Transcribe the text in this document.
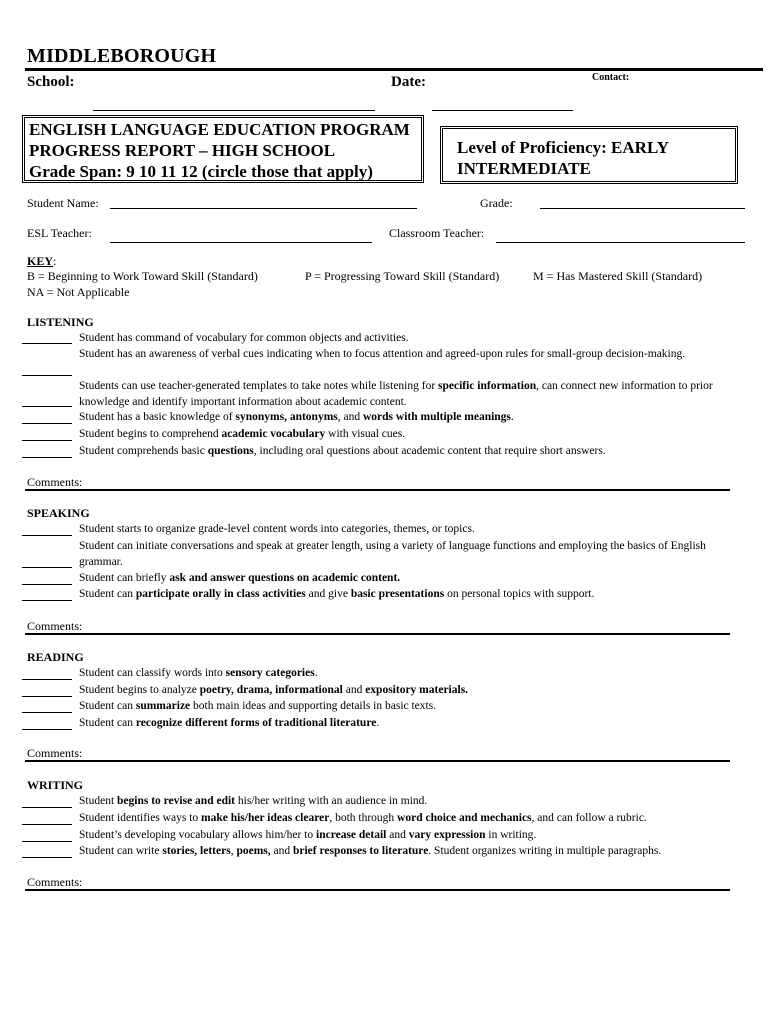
MIDDLEBOROUGH
School:	Date:	Contact:
ENGLISH LANGUAGE EDUCATION PROGRAM
PROGRESS REPORT – HIGH SCHOOL
Grade Span: 9 10 11 12 (circle those that apply)
Level of Proficiency: EARLY
INTERMEDIATE
Student Name:	Grade:
ESL Teacher:	Classroom Teacher:
KEY:
B = Beginning to Work Toward Skill (Standard)	P = Progressing Toward Skill (Standard)	M = Has Mastered Skill (Standard)
NA = Not Applicable
LISTENING
Student has command of vocabulary for common objects and activities.
Student has an awareness of verbal cues indicating when to focus attention and agreed-upon rules for small-group decision-making.
Students can use teacher-generated templates to take notes while listening for specific information, can connect new information to prior knowledge and identify important information about academic content.
Student has a basic knowledge of synonyms, antonyms, and words with multiple meanings.
Student begins to comprehend academic vocabulary with visual cues.
Student comprehends basic questions, including oral questions about academic content that require short answers.
Comments:
SPEAKING
Student starts to organize grade-level content words into categories, themes, or topics.
Student can initiate conversations and speak at greater length, using a variety of language functions and employing the basics of English grammar.
Student can briefly ask and answer questions on academic content.
Student can participate orally in class activities and give basic presentations on personal topics with support.
Comments:
READING
Student can classify words into sensory categories.
Student begins to analyze poetry, drama, informational and expository materials.
Student can summarize both main ideas and supporting details in basic texts.
Student can recognize different forms of traditional literature.
Comments:
WRITING
Student begins to revise and edit his/her writing with an audience in mind.
Student identifies ways to make his/her ideas clearer, both through word choice and mechanics, and can follow a rubric.
Student’s developing vocabulary allows him/her to increase detail and vary expression in writing.
Student can write stories, letters, poems, and brief responses to literature. Student organizes writing in multiple paragraphs.
Comments:
